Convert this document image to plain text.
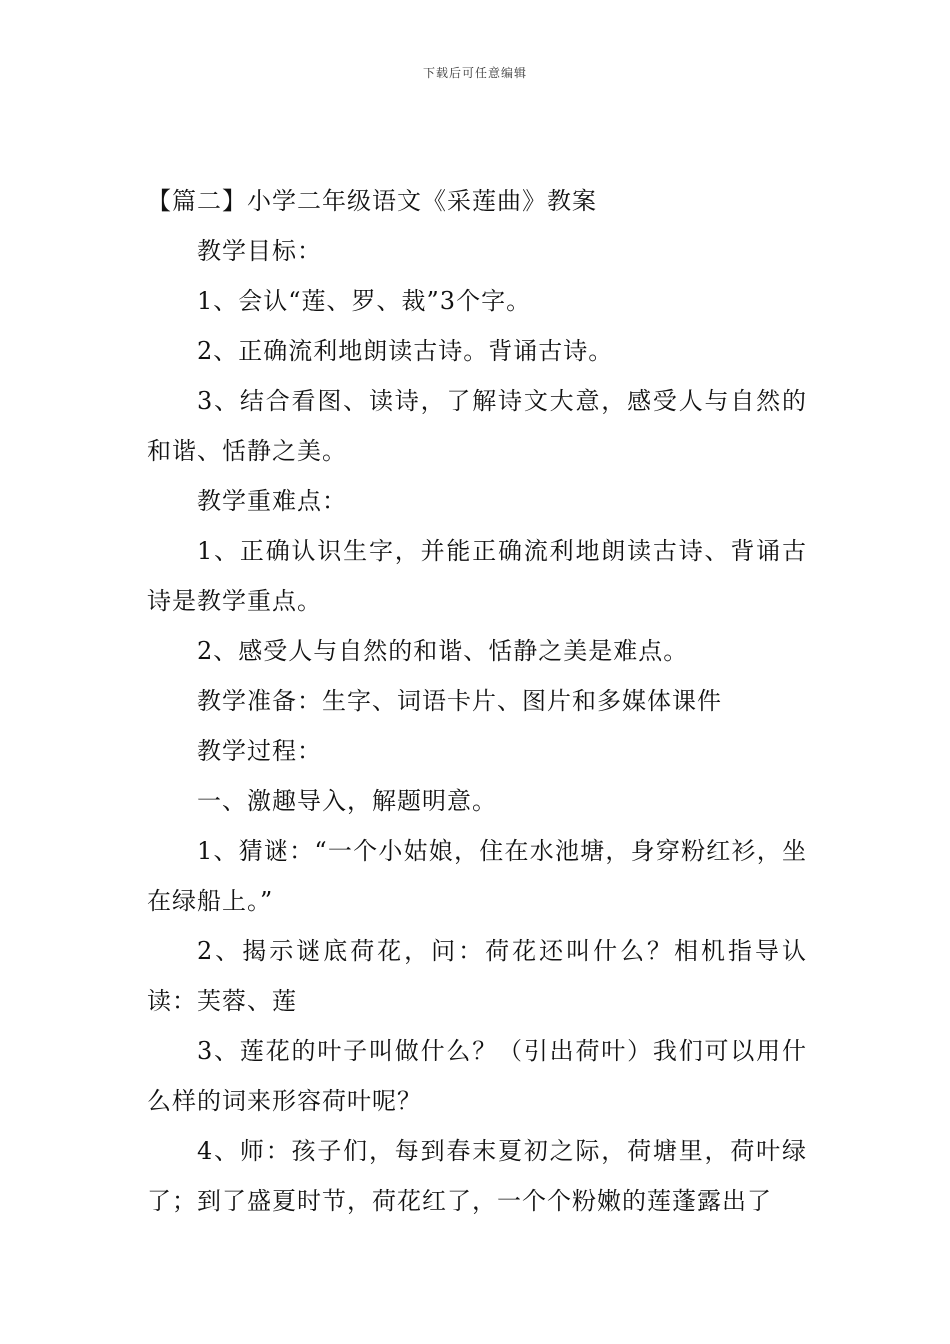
下载后可任意编辑

【篇二】小学二年级语文《采莲曲》教案

教学目标：

1、会认“莲、罗、裁”3个字。

2、正确流利地朗读古诗。背诵古诗。

3、结合看图、读诗，了解诗文大意，感受人与自然的和谐、恬静之美。

教学重难点：

1、正确认识生字，并能正确流利地朗读古诗、背诵古诗是教学重点。

2、感受人与自然的和谐、恬静之美是难点。

教学准备：生字、词语卡片、图片和多媒体课件

教学过程：

一、激趣导入，解题明意。

1、猜谜：“一个小姑娘，住在水池塘，身穿粉红衫，坐在绿船上。”

2、揭示谜底荷花，问：荷花还叫什么？相机指导认读：芙蓉、莲

3、莲花的叶子叫做什么？（引出荷叶）我们可以用什么样的词来形容荷叶呢？

4、师：孩子们，每到春末夏初之际，荷塘里，荷叶绿了；到了盛夏时节，荷花红了，一个个粉嫩的莲蓬露出了
